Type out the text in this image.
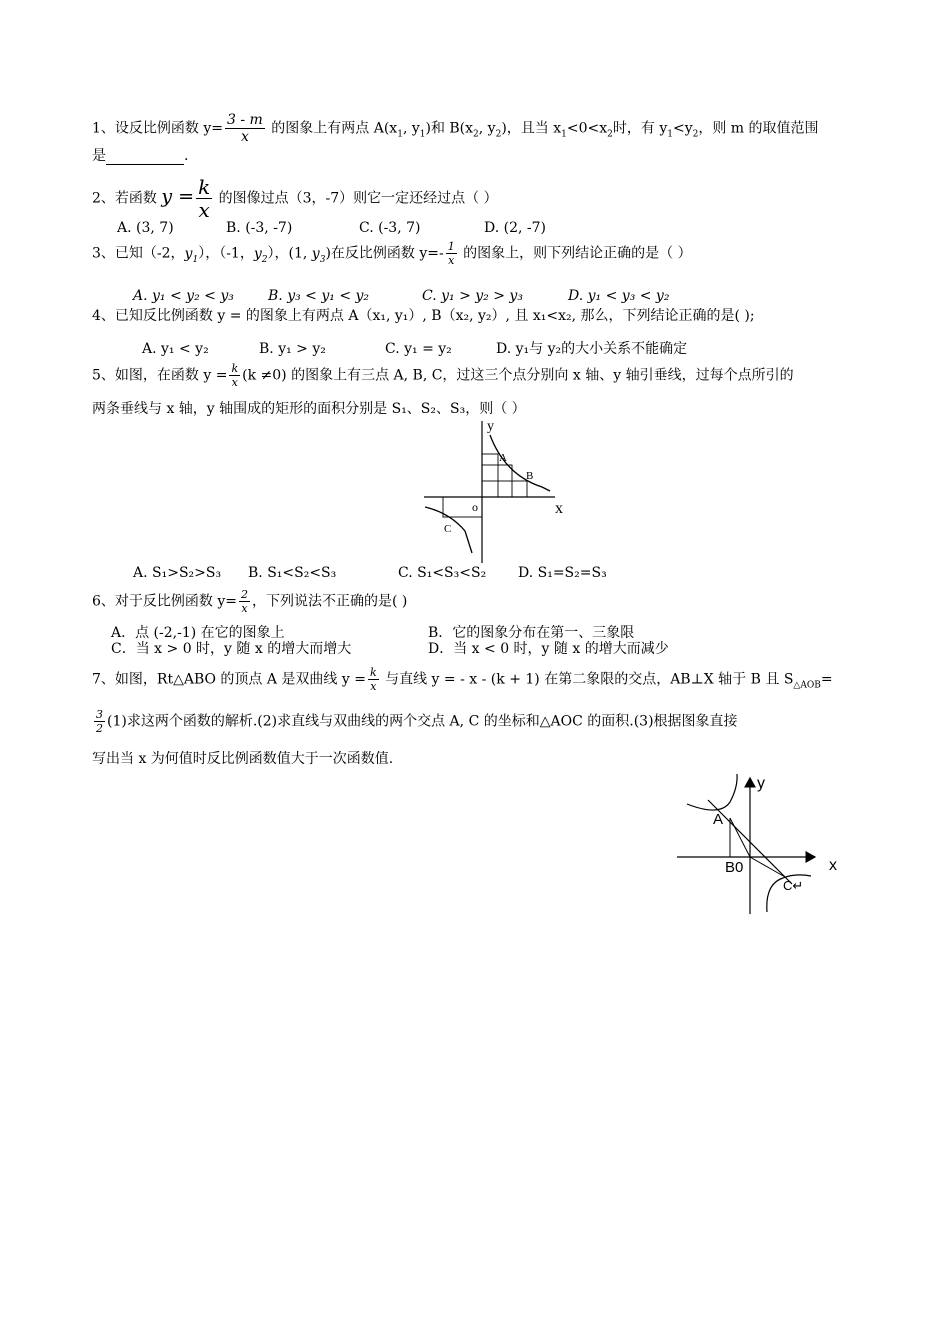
1、设反比例函数 $y= \frac{3 - m}{x}$ 的图象上有两点 $A(x_1$, $y_1$)和 $B(x_2$, $y_2$)，且当 $x_1<0<x_2$时，有 $y_1<y_2$，则 m 的取值范围
是	.
2、若函数 $y = \frac{k}{x}$ 的图像过点（3，-7）则它一定还经过点（ ）
A. (3, 7)	B. (-3, -7)	C. (-3, 7)	D. (2, -7)
3、已知（-2，$y_1$），（-1，$y_2$），(1, $y_3$)在反比例函数 $y=- \frac{1}{x}$ 的图象上，则下列结论正确的是（ ）
A. y₁ < y₂ < y₃ B. y₃ < y₁ < y₂	C. y₁ > y₂ > y₃	D. y₁ < y₃ < y₂
4、已知反比例函数 y = 的图象上有两点 A（x₁, y₁）, B（x₂, y₂）, 且 x₁<x₂, 那么，下列结论正确的是( );
A. y₁ < y₂	B. y₁ > y₂	C. y₁ = y₂	D. y₁与 y₂的大小关系不能确定
5、如图，在函数 $y = \frac{k}{x} (k \ne 0)$ 的图象上有三点 A, B, C，过这三个点分别向 x 轴、y 轴引垂线，过每个点所引的
两条垂线与 x 轴，y 轴围成的矩形的面积分别是 S₁、S₂、S₃，则（ ）
y
x
o
A
B
C
A. S₁>S₂>S₃ B. S₁<S₂<S₃	C. S₁<S₃<S₂ D. S₁=S₂=S₃
6、对于反比例函数 $y= \frac{2}{x}$ ，下列说法不正确的是( )
A．点 (-2,-1) 在它的图象上	B．它的图象分布在第一、三象限
C．当 x > 0 时，y 随 x 的增大而增大	D．当 x < 0 时，y 随 x 的增大而减少
7、如图，Rt△ABO 的顶点 A 是双曲线 $y = \frac{k}{x}$ 与直线 y = - x - (k + 1) 在第二象限的交点，AB⊥X 轴于 B 且 $S_{\triangle AOB}=$
$\frac{3}{2} (1)$求这两个函数的解析.(2)求直线与双曲线的两个交点 A, C 的坐标和△AOC 的面积.(3)根据图象直接
写出当 x 为何值时反比例函数值大于一次函数值.
y
x
A
B0
C↵
